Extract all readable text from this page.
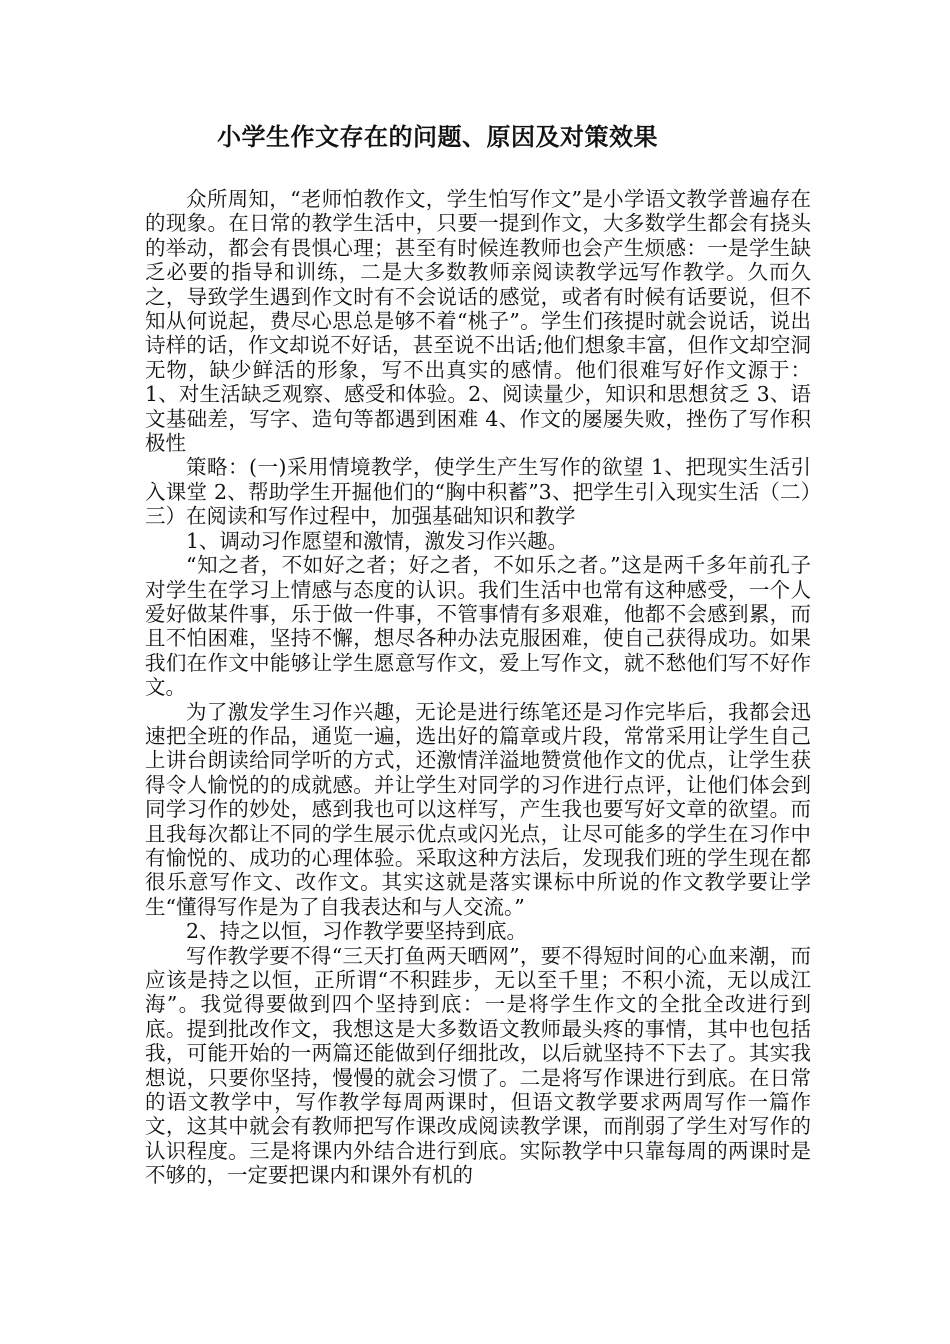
小学生作文存在的问题、原因及对策效果

众所周知，“老师怕教作文，学生怕写作文”是小学语文教学普遍存在的现象。在日常的教学生活中，只要一提到作文，大多数学生都会有挠头的举动，都会有畏惧心理；甚至有时候连教师也会产生烦感：一是学生缺乏必要的指导和训练，二是大多数教师亲阅读教学远写作教学。久而久之，导致学生遇到作文时有不会说话的感觉，或者有时候有话要说，但不知从何说起，费尽心思总是够不着“桃子”。学生们孩提时就会说话，说出诗样的话，作文却说不好话，甚至说不出话;他们想象丰富，但作文却空洞无物，缺少鲜活的形象，写不出真实的感情。他们很难写好作文源于：1、对生活缺乏观察、感受和体验。2、阅读量少，知识和思想贫乏 3、语文基础差，写字、造句等都遇到困难 4、作文的屡屡失败，挫伤了写作积极性

策略：(一)采用情境教学，使学生产生写作的欲望 1、把现实生活引入课堂 2、帮助学生开掘他们的“胸中积蓄”3、把学生引入现实生活（二）三）在阅读和写作过程中，加强基础知识和教学

1、调动习作愿望和激情，激发习作兴趣。

“知之者，不如好之者；好之者，不如乐之者。”这是两千多年前孔子对学生在学习上情感与态度的认识。我们生活中也常有这种感受，一个人爱好做某件事，乐于做一件事，不管事情有多艰难，他都不会感到累，而且不怕困难，坚持不懈，想尽各种办法克服困难，使自己获得成功。如果我们在作文中能够让学生愿意写作文，爱上写作文，就不愁他们写不好作文。

为了激发学生习作兴趣，无论是进行练笔还是习作完毕后，我都会迅速把全班的作品，通览一遍，选出好的篇章或片段，常常采用让学生自己上讲台朗读给同学听的方式，还激情洋溢地赞赏他作文的优点，让学生获得令人愉悦的的成就感。并让学生对同学的习作进行点评，让他们体会到同学习作的妙处，感到我也可以这样写，产生我也要写好文章的欲望。而且我每次都让不同的学生展示优点或闪光点，让尽可能多的学生在习作中有愉悦的、成功的心理体验。采取这种方法后，发现我们班的学生现在都很乐意写作文、改作文。其实这就是落实课标中所说的作文教学要让学生“懂得写作是为了自我表达和与人交流。”

2、持之以恒，习作教学要坚持到底。

写作教学要不得“三天打鱼两天晒网”，要不得短时间的心血来潮，而应该是持之以恒，正所谓“不积跬步，无以至千里；不积小流，无以成江海”。我觉得要做到四个坚持到底：一是将学生作文的全批全改进行到底。提到批改作文，我想这是大多数语文教师最头疼的事情，其中也包括我，可能开始的一两篇还能做到仔细批改，以后就坚持不下去了。其实我想说，只要你坚持，慢慢的就会习惯了。二是将写作课进行到底。在日常的语文教学中，写作教学每周两课时，但语文教学要求两周写作一篇作文，这其中就会有教师把写作课改成阅读教学课，而削弱了学生对写作的认识程度。三是将课内外结合进行到底。实际教学中只靠每周的两课时是不够的，一定要把课内和课外有机的
